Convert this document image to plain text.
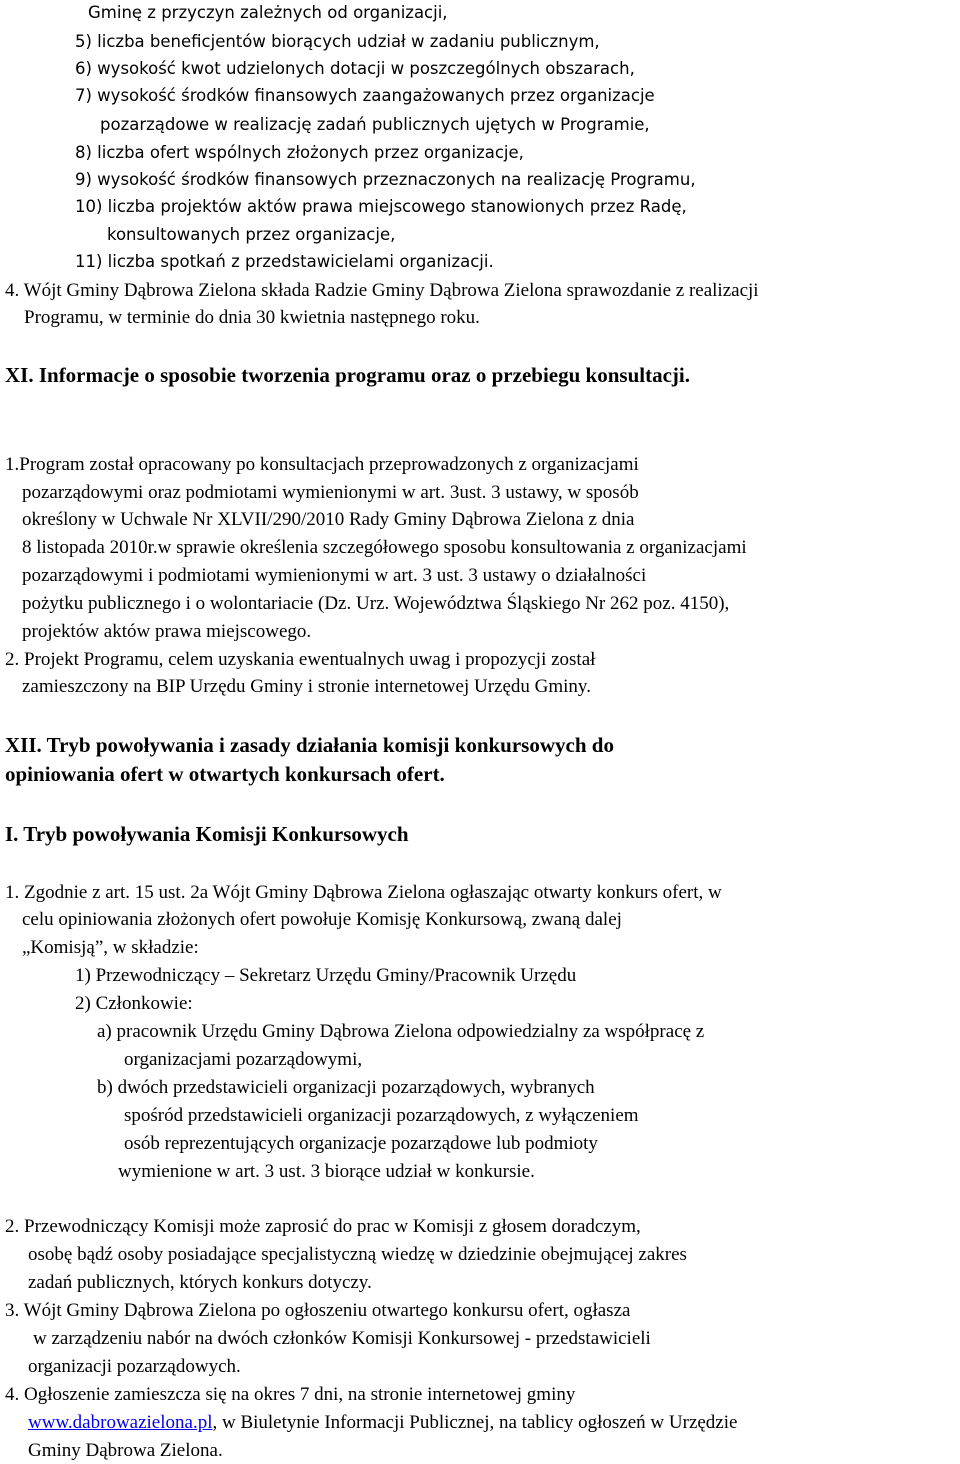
Gminę z przyczyn zależnych od organizacji,
5) liczba beneficjentów biorących udział w zadaniu publicznym,
6) wysokość kwot udzielonych dotacji w poszczególnych obszarach,
7) wysokość środków finansowych zaangażowanych przez organizacje
pozarządowe w realizację zadań publicznych ujętych w Programie,
8) liczba ofert wspólnych złożonych przez organizacje,
9) wysokość środków finansowych przeznaczonych na realizację Programu,
10) liczba projektów aktów prawa miejscowego stanowionych przez Radę,
konsultowanych przez organizacje,
11) liczba spotkań z przedstawicielami organizacji.
4. Wójt Gminy Dąbrowa Zielona składa Radzie Gminy Dąbrowa Zielona sprawozdanie z realizacji
Programu, w terminie do dnia 30 kwietnia następnego roku.
XI. Informacje o sposobie tworzenia programu oraz o przebiegu konsultacji.
1.Program został opracowany po konsultacjach przeprowadzonych z organizacjami
pozarządowymi oraz podmiotami wymienionymi w art. 3ust. 3 ustawy, w sposób
określony w Uchwale Nr XLVII/290/2010 Rady Gminy Dąbrowa Zielona z dnia
8 listopada 2010r.w sprawie określenia szczegółowego sposobu konsultowania z organizacjami
pozarządowymi i podmiotami wymienionymi w art. 3 ust. 3 ustawy o działalności
pożytku publicznego i o wolontariacie (Dz. Urz. Województwa Śląskiego Nr 262 poz. 4150),
projektów aktów prawa miejscowego.
2. Projekt Programu, celem uzyskania ewentualnych uwag i propozycji został
zamieszczony na BIP Urzędu Gminy i stronie internetowej Urzędu Gminy.
XII. Tryb powoływania i zasady działania komisji konkursowych do
opiniowania ofert w otwartych konkursach ofert.
I. Tryb powoływania Komisji Konkursowych
1. Zgodnie z art. 15 ust. 2a Wójt Gminy Dąbrowa Zielona ogłaszając otwarty konkurs ofert, w
celu opiniowania złożonych ofert powołuje Komisję Konkursową, zwaną dalej
„Komisją”, w składzie:
1) Przewodniczący – Sekretarz Urzędu Gminy/Pracownik Urzędu
2) Członkowie:
a) pracownik Urzędu Gminy Dąbrowa Zielona odpowiedzialny za współpracę z
organizacjami pozarządowymi,
b) dwóch przedstawicieli organizacji pozarządowych, wybranych
spośród przedstawicieli organizacji pozarządowych, z wyłączeniem
osób reprezentujących organizacje pozarządowe lub podmioty
wymienione w art. 3 ust. 3 biorące udział w konkursie.
2. Przewodniczący Komisji może zaprosić do prac w Komisji z głosem doradczym,
osobę bądź osoby posiadające specjalistyczną wiedzę w dziedzinie obejmującej zakres
zadań publicznych, których konkurs dotyczy.
3. Wójt Gminy Dąbrowa Zielona po ogłoszeniu otwartego konkursu ofert, ogłasza
w zarządzeniu nabór na dwóch członków Komisji Konkursowej - przedstawicieli
organizacji pozarządowych.
4. Ogłoszenie zamieszcza się na okres 7 dni, na stronie internetowej gminy
www.dabrowazielona.pl, w Biuletynie Informacji Publicznej, na tablicy ogłoszeń w Urzędzie
Gminy Dąbrowa Zielona.
